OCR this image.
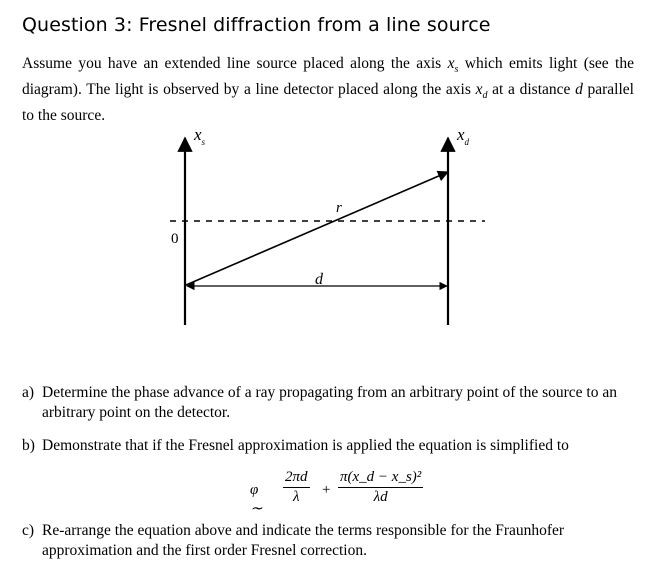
Question 3: Fresnel diffraction from a line source

Assume you have an extended line source placed along the axis $x_s$ which emits light (see the diagram). The light is observed by a line detector placed along the axis $x_d$ at a distance d parallel to the source.

$x_s$	$x_d$
0
r
d
a) Determine the phase advance of a ray propagating from an arbitrary point of the source to an arbitrary point on the detector.
b) Demonstrate that if the Fresnel approximation is applied the equation is simplified to
φ ∼
$\frac{2\pi d}{\lambda} + \frac{\text{π(x\_d − x\_s)²}}{\lambda d}$
c) Re-arrange the equation above and indicate the terms responsible for the Fraunhofer approximation and the first order Fresnel correction.
